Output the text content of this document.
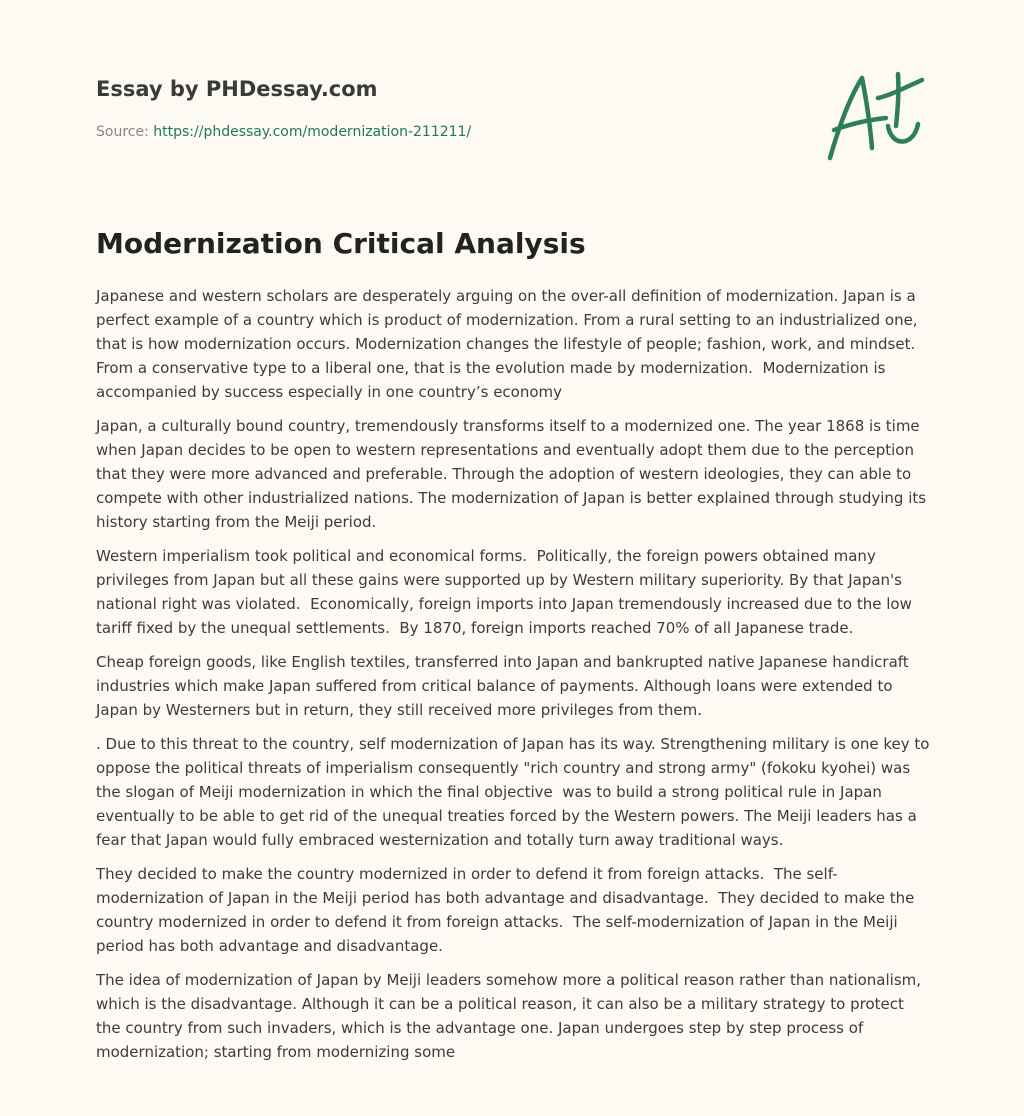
Essay by PHDessay.com
Source: https://phdessay.com/modernization-211211/
Modernization Critical Analysis

Japanese and western scholars are desperately arguing on the over-all definition of modernization. Japan is a perfect example of a country which is product of modernization. From a rural setting to an industrialized one, that is how modernization occurs. Modernization changes the lifestyle of people; fashion, work, and mindset. From a conservative type to a liberal one, that is the evolution made by modernization.  Modernization is accompanied by success especially in one country’s economy

Japan, a culturally bound country, tremendously transforms itself to a modernized one. The year 1868 is time when Japan decides to be open to western representations and eventually adopt them due to the perception that they were more advanced and preferable. Through the adoption of western ideologies, they can able to compete with other industrialized nations. The modernization of Japan is better explained through studying its history starting from the Meiji period.

Western imperialism took political and economical forms.  Politically, the foreign powers obtained many privileges from Japan but all these gains were supported up by Western military superiority. By that Japan's national right was violated.  Economically, foreign imports into Japan tremendously increased due to the low tariff fixed by the unequal settlements.  By 1870, foreign imports reached 70% of all Japanese trade.

Cheap foreign goods, like English textiles, transferred into Japan and bankrupted native Japanese handicraft industries which make Japan suffered from critical balance of payments. Although loans were extended to Japan by Westerners but in return, they still received more privileges from them.

. Due to this threat to the country, self modernization of Japan has its way. Strengthening military is one key to oppose the political threats of imperialism consequently "rich country and strong army" (fokoku kyohei) was the slogan of Meiji modernization in which the final objective  was to build a strong political rule in Japan eventually to be able to get rid of the unequal treaties forced by the Western powers. The Meiji leaders has a fear that Japan would fully embraced westernization and totally turn away traditional ways.

They decided to make the country modernized in order to defend it from foreign attacks.  The self-modernization of Japan in the Meiji period has both advantage and disadvantage.  They decided to make the country modernized in order to defend it from foreign attacks.  The self-modernization of Japan in the Meiji period has both advantage and disadvantage.

The idea of modernization of Japan by Meiji leaders somehow more a political reason rather than nationalism, which is the disadvantage. Although it can be a political reason, it can also be a military strategy to protect the country from such invaders, which is the advantage one. Japan undergoes step by step process of modernization; starting from modernizing some
